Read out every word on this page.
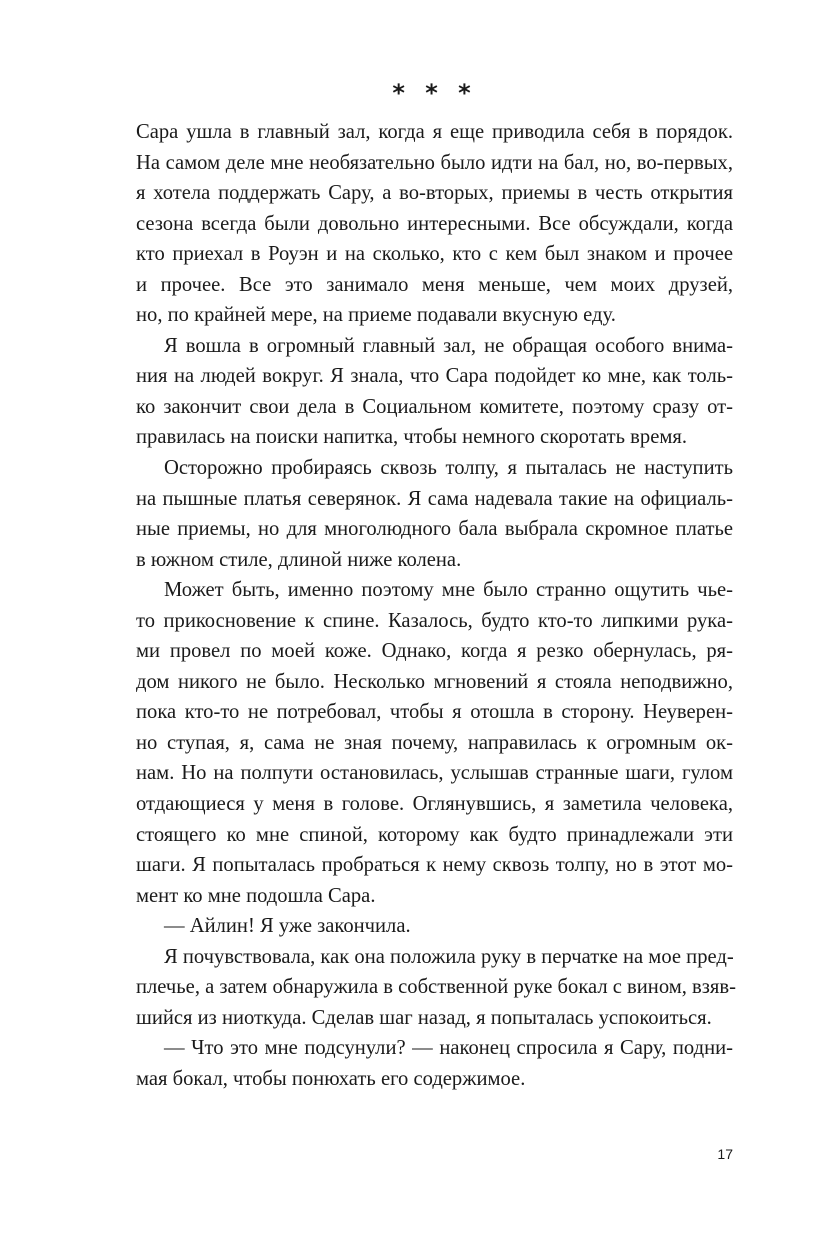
* * *
Сара ушла в главный зал, когда я еще приводила себя в порядок.
На самом деле мне необязательно было идти на бал, но, во-первых,
я хотела поддержать Сару, а во-вторых, приемы в честь открытия
сезона всегда были довольно интересными. Все обсуждали, когда
кто приехал в Роуэн и на сколько, кто с кем был знаком и прочее
и прочее. Все это занимало меня меньше, чем моих друзей,
но, по крайней мере, на приеме подавали вкусную еду.
Я вошла в огромный главный зал, не обращая особого внима-
ния на людей вокруг. Я знала, что Сара подойдет ко мне, как толь-
ко закончит свои дела в Социальном комитете, поэтому сразу от-
правилась на поиски напитка, чтобы немного скоротать время.
Осторожно пробираясь сквозь толпу, я пыталась не наступить
на пышные платья северянок. Я сама надевала такие на официаль-
ные приемы, но для многолюдного бала выбрала скромное платье
в южном стиле, длиной ниже колена.
Может быть, именно поэтому мне было странно ощутить чье-
то прикосновение к спине. Казалось, будто кто-то липкими рука-
ми провел по моей коже. Однако, когда я резко обернулась, ря-
дом никого не было. Несколько мгновений я стояла неподвижно,
пока кто-то не потребовал, чтобы я отошла в сторону. Неуверен-
но ступая, я, сама не зная почему, направилась к огромным ок-
нам. Но на полпути остановилась, услышав странные шаги, гулом
отдающиеся у меня в голове. Оглянувшись, я заметила человека,
стоящего ко мне спиной, которому как будто принадлежали эти
шаги. Я попыталась пробраться к нему сквозь толпу, но в этот мо-
мент ко мне подошла Сара.
— Айлин! Я уже закончила.
Я почувствовала, как она положила руку в перчатке на мое пред-
плечье, а затем обнаружила в собственной руке бокал с вином, взяв-
шийся из ниоткуда. Сделав шаг назад, я попыталась успокоиться.
— Что это мне подсунули? — наконец спросила я Сару, подни-
мая бокал, чтобы понюхать его содержимое.
17
